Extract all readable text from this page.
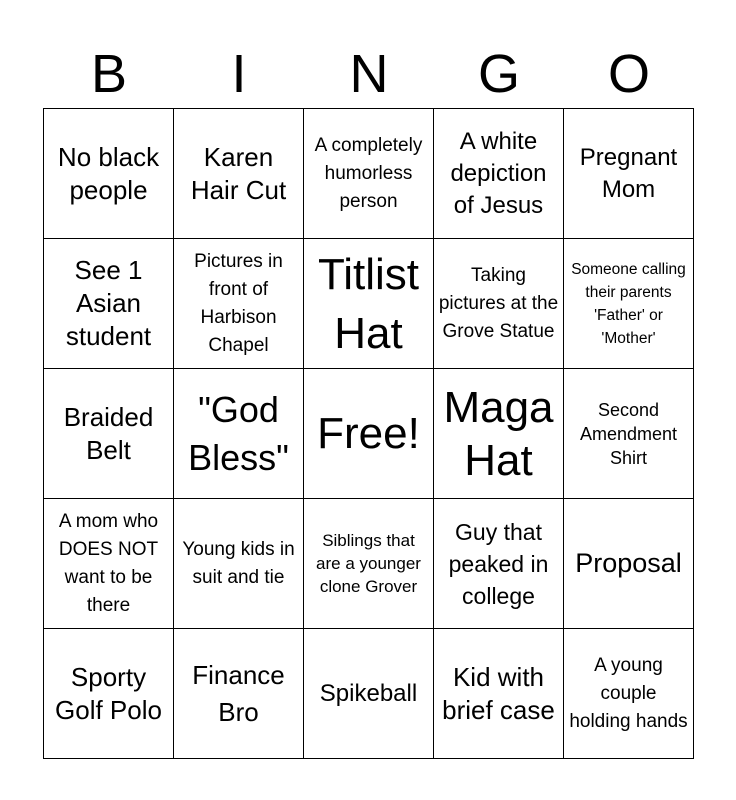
B	I	N	G	O
No black people	Karen Hair Cut	A completely humorless person	A white depiction of Jesus	Pregnant Mom

See 1 Asian student	Pictures in front of Harbison Chapel	Titlist Hat	Taking pictures at the Grove Statue	Someone calling their parents 'Father' or 'Mother'

Braided Belt	"God Bless"	Free!	Maga Hat	Second Amendment Shirt

A mom who DOES NOT want to be there	Young kids in suit and tie	Siblings that are a younger clone Grover	Guy that peaked in college	Proposal

Sporty Golf Polo	Finance Bro	Spikeball	Kid with brief case	A young couple holding hands
